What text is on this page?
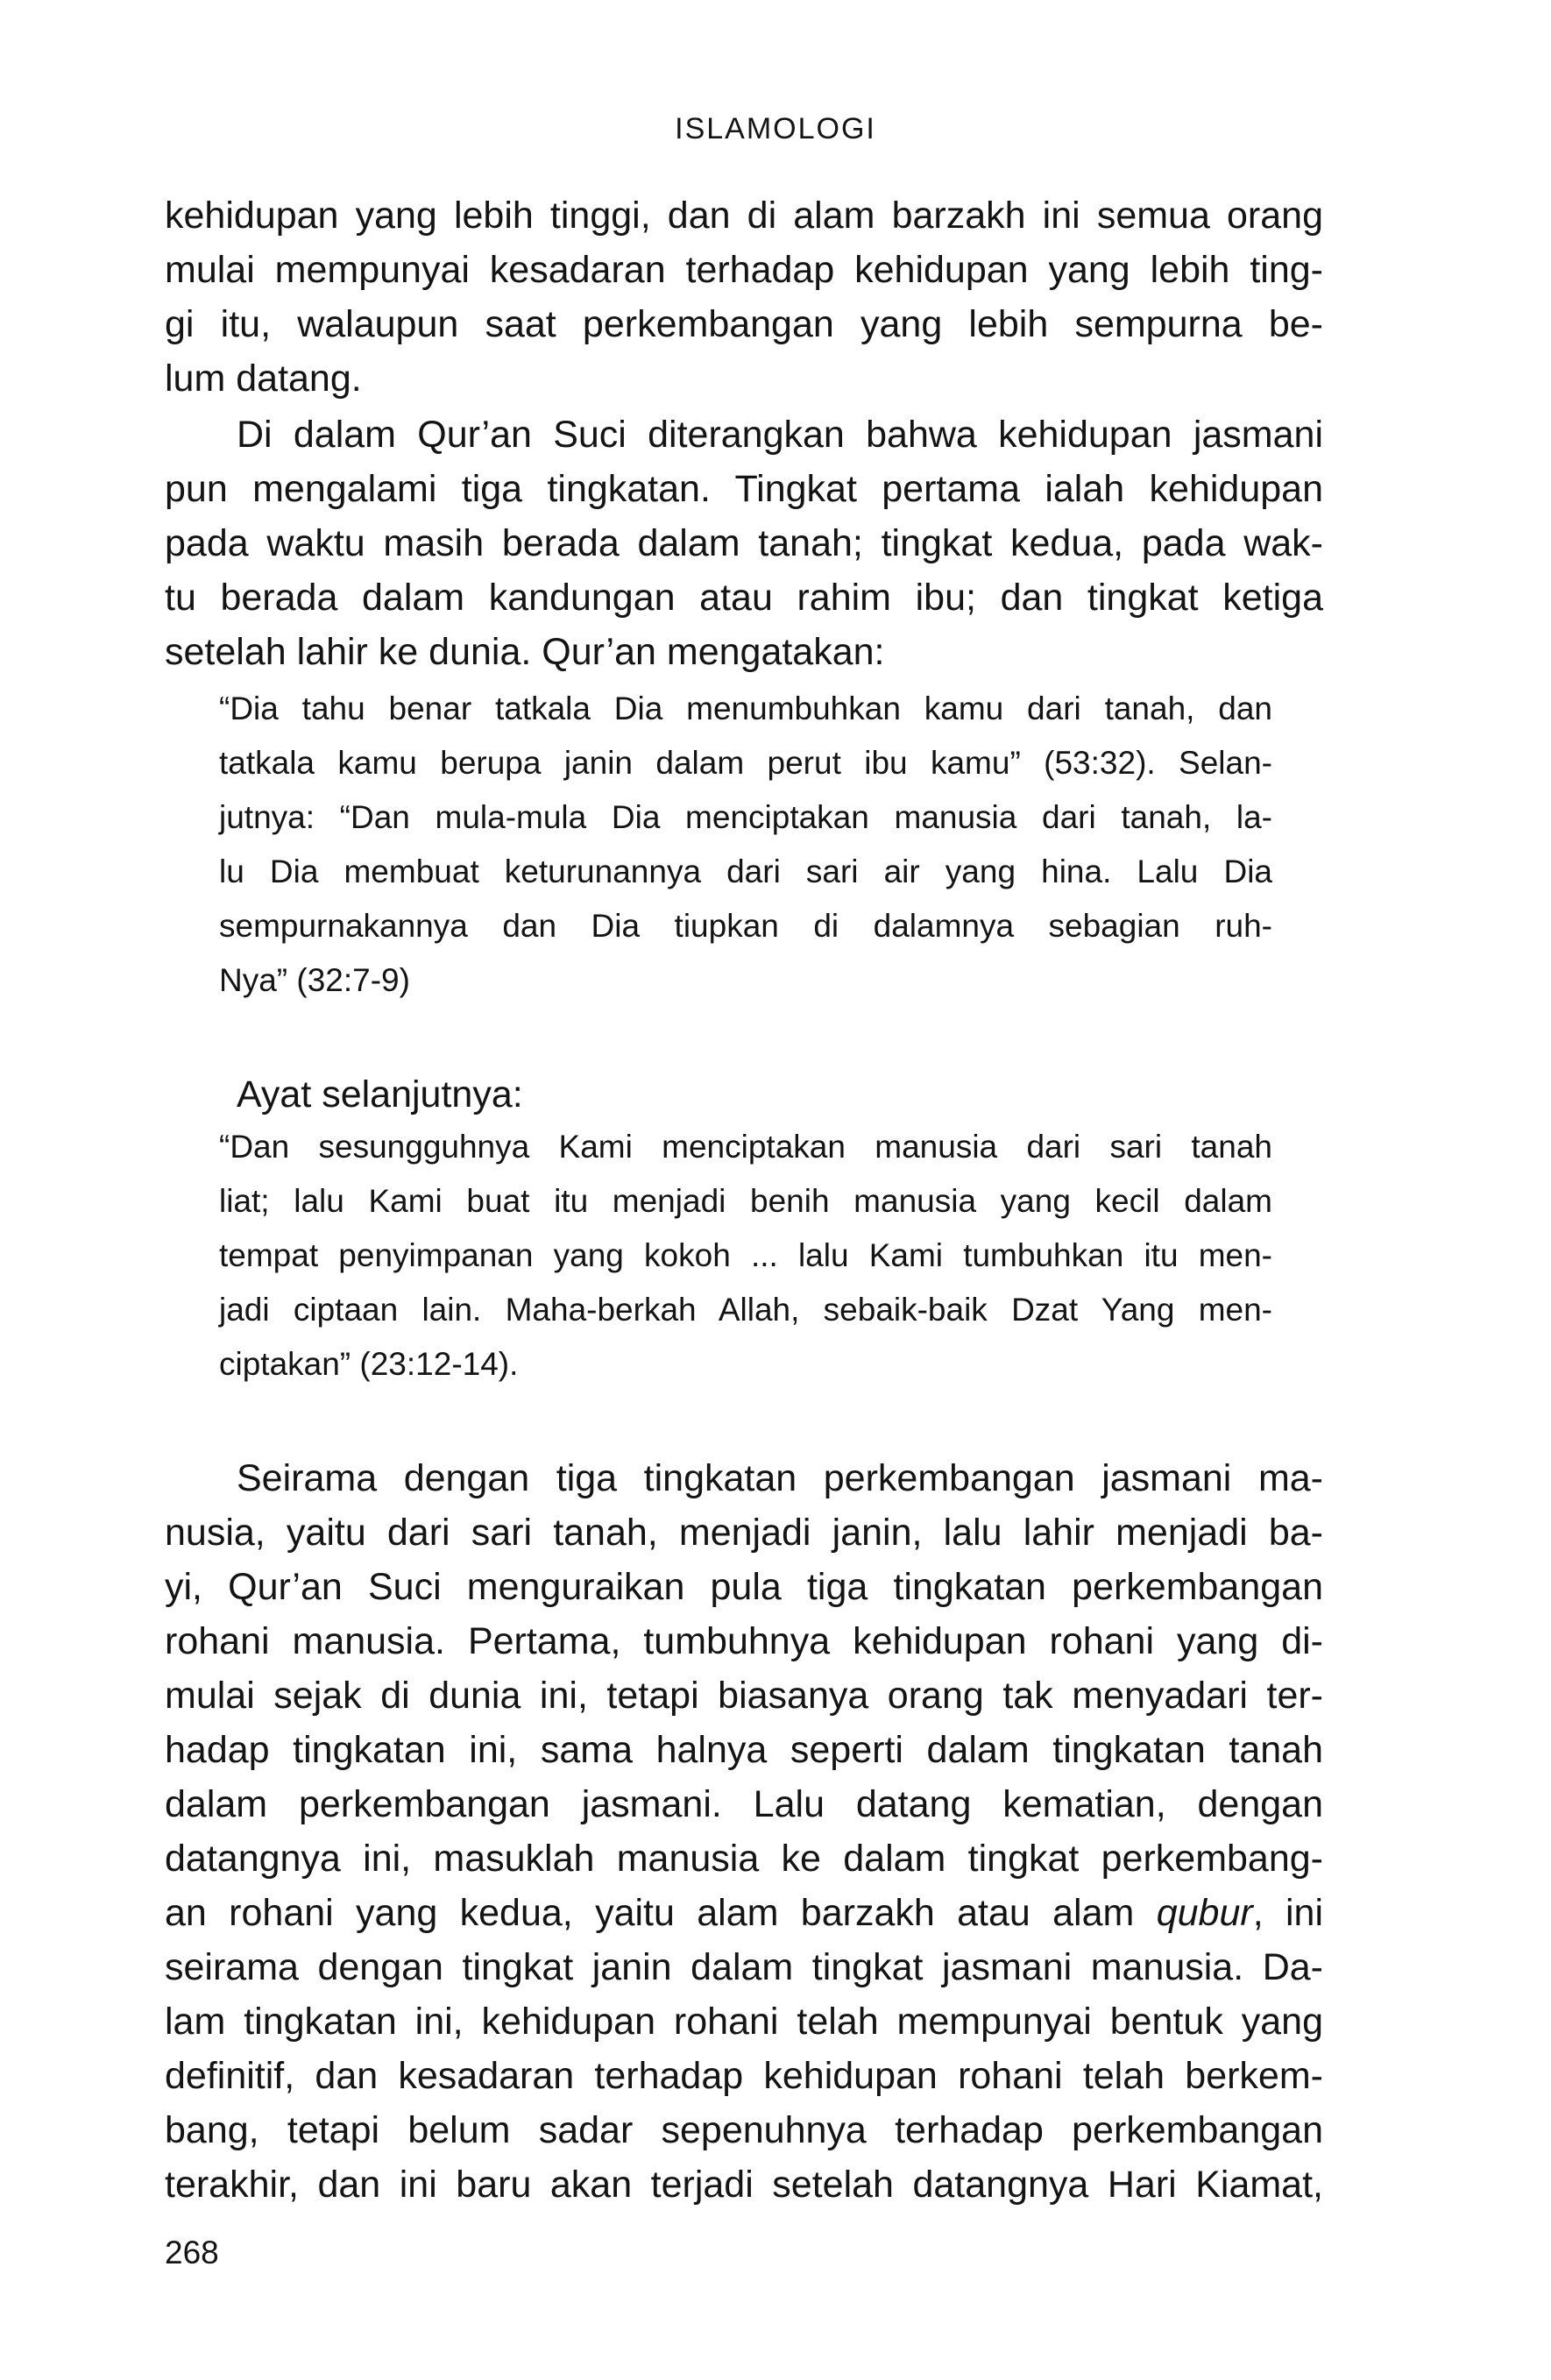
ISLAMOLOGI
kehidupan yang lebih tinggi, dan di alam barzakh ini semua orang
mulai mempunyai kesadaran terhadap kehidupan yang lebih ting-
gi itu, walaupun saat perkembangan yang lebih sempurna be-
lum datang.
Di dalam Qur’an Suci diterangkan bahwa kehidupan jasmani
pun mengalami tiga tingkatan. Tingkat pertama ialah kehidupan
pada waktu masih berada dalam tanah; tingkat kedua, pada wak-
tu berada dalam kandungan atau rahim ibu; dan tingkat ketiga
setelah lahir ke dunia. Qur’an mengatakan:
“Dia tahu benar tatkala Dia menumbuhkan kamu dari tanah, dan
tatkala kamu berupa janin dalam perut ibu kamu” (53:32). Selan-
jutnya: “Dan mula-mula Dia menciptakan manusia dari tanah, la-
lu Dia membuat keturunannya dari sari air yang hina. Lalu Dia
sempurnakannya dan Dia tiupkan di dalamnya sebagian ruh-
Nya” (32:7-9)
Ayat selanjutnya:
“Dan sesungguhnya Kami menciptakan manusia dari sari tanah
liat; lalu Kami buat itu menjadi benih manusia yang kecil dalam
tempat penyimpanan yang kokoh ... lalu Kami tumbuhkan itu men-
jadi ciptaan lain. Maha-berkah Allah, sebaik-baik Dzat Yang men-
ciptakan” (23:12-14).
Seirama dengan tiga tingkatan perkembangan jasmani ma-
nusia, yaitu dari sari tanah, menjadi janin, lalu lahir menjadi ba-
yi, Qur’an Suci menguraikan pula tiga tingkatan perkembangan
rohani manusia. Pertama, tumbuhnya kehidupan rohani yang di-
mulai sejak di dunia ini, tetapi biasanya orang tak menyadari ter-
hadap tingkatan ini, sama halnya seperti dalam tingkatan tanah
dalam perkembangan jasmani. Lalu datang kematian, dengan
datangnya ini, masuklah manusia ke dalam tingkat perkembang-
an rohani yang kedua, yaitu alam barzakh atau alam qubur, ini
seirama dengan tingkat janin dalam tingkat jasmani manusia. Da-
lam tingkatan ini, kehidupan rohani telah mempunyai bentuk yang
definitif, dan kesadaran terhadap kehidupan rohani telah berkem-
bang, tetapi belum sadar sepenuhnya terhadap perkembangan
terakhir, dan ini baru akan terjadi setelah datangnya Hari Kiamat,
268
